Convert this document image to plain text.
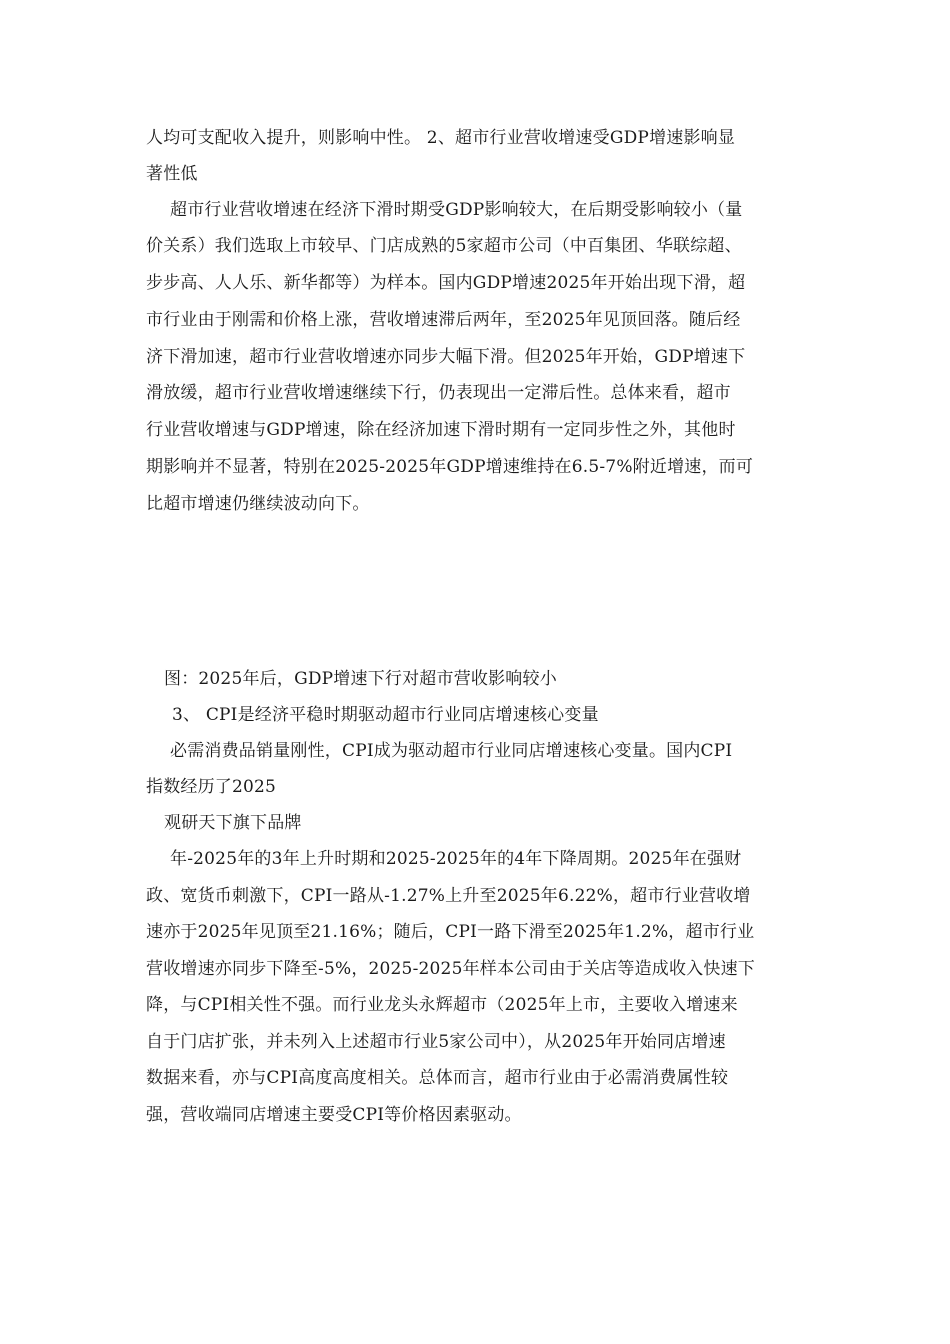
人均可支配收入提升，则影响中性。 2、超市行业营收增速受GDP增速影响显
著性低
超市行业营收增速在经济下滑时期受GDP影响较大，在后期受影响较小（量
价关系）我们选取上市较早、门店成熟的5家超市公司（中百集团、华联综超、
步步高、人人乐、新华都等）为样本。国内GDP增速2025年开始出现下滑，超
市行业由于刚需和价格上涨，营收增速滞后两年，至2025年见顶回落。随后经
济下滑加速，超市行业营收增速亦同步大幅下滑。但2025年开始，GDP增速下
滑放缓，超市行业营收增速继续下行，仍表现出一定滞后性。总体来看，超市
行业营收增速与GDP增速，除在经济加速下滑时期有一定同步性之外，其他时
期影响并不显著，特别在2025-2025年GDP增速维持在6.5-7%附近增速，而可
比超市增速仍继续波动向下。
图：2025年后，GDP增速下行对超市营收影响较小
3、 CPI是经济平稳时期驱动超市行业同店增速核心变量
必需消费品销量刚性，CPI成为驱动超市行业同店增速核心变量。国内CPI
指数经历了2025
观研天下旗下品牌
年-2025年的3年上升时期和2025-2025年的4年下降周期。2025年在强财
政、宽货币刺激下，CPI一路从-1.27%上升至2025年6.22%，超市行业营收增
速亦于2025年见顶至21.16%；随后，CPI一路下滑至2025年1.2%，超市行业
营收增速亦同步下降至-5%，2025-2025年样本公司由于关店等造成收入快速下
降，与CPI相关性不强。而行业龙头永辉超市（2025年上市，主要收入增速来
自于门店扩张，并未列入上述超市行业5家公司中），从2025年开始同店增速
数据来看，亦与CPI高度高度相关。总体而言，超市行业由于必需消费属性较
强，营收端同店增速主要受CPI等价格因素驱动。
